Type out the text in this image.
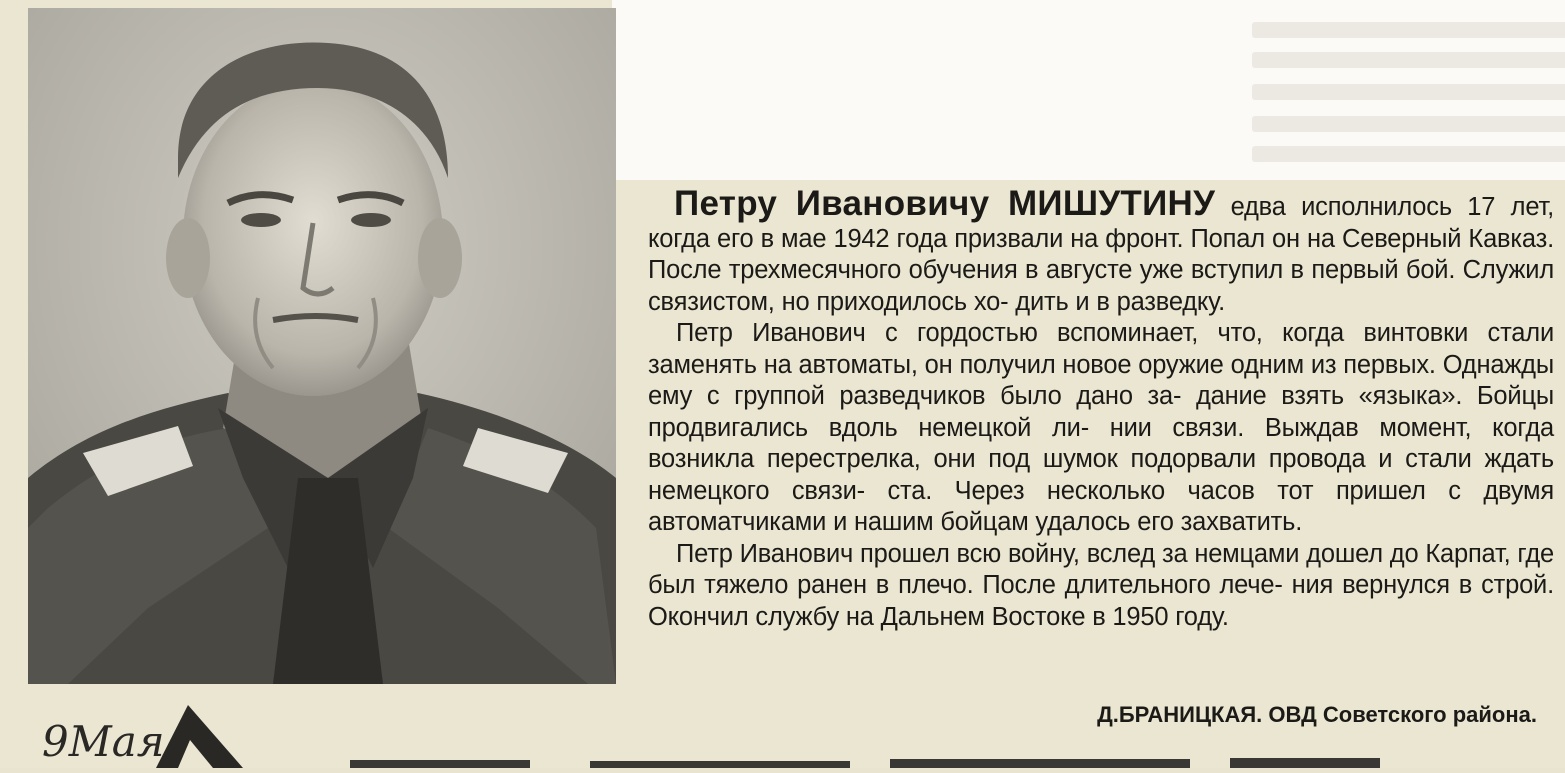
Петру Ивановичу МИШУТИНУ едва исполнилось 17 лет, когда его в мае 1942 года призвали на фронт. Попал он на Северный Кавказ. После трехмесячного обучения в августе уже вступил в первый бой. Служил связистом, но приходилось хо- дить и в разведку.

Петр Иванович с гордостью вспоминает, что, когда винтовки стали заменять на автоматы, он получил новое оружие одним из первых. Однажды ему с группой разведчиков было дано за- дание взять «языка». Бойцы продвигались вдоль немецкой ли- нии связи. Выждав момент, когда возникла перестрелка, они под шумок подорвали провода и стали ждать немецкого связи- ста. Через несколько часов тот пришел с двумя автоматчиками и нашим бойцам удалось его захватить.

Петр Иванович прошел всю войну, вслед за немцами дошел до Карпат, где был тяжело ранен в плечо. После длительного лече- ния вернулся в строй. Окончил службу на Дальнем Востоке в 1950 году.

Д.БРАНИЦКАЯ. ОВД Советского района.
9Мая
